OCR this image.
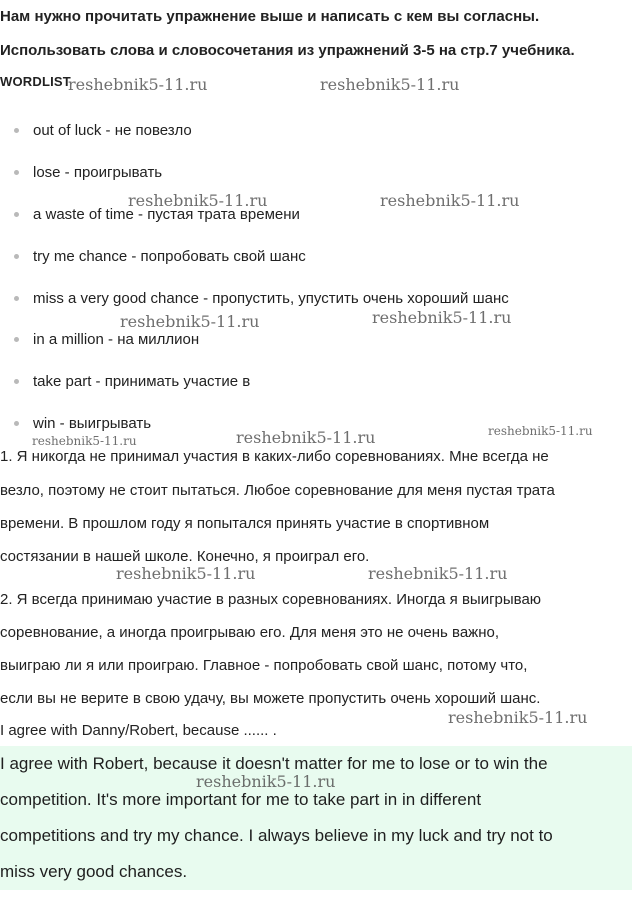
Нам нужно прочитать упражнение выше и написать с кем вы согласны.
Использовать слова и словосочетания из упражнений 3-5 на стр.7 учебника.
WORDLIST
out of luck - не повезло
lose - проигрывать
a waste of time - пустая трата времени
try me chance - попробовать свой шанс
miss a very good chance - пропустить, упустить очень хороший шанс
in a million - на миллион
take part - принимать участие в
win - выигрывать
1. Я никогда не принимал участия в каких-либо соревнованиях. Мне всегда не
везло, поэтому не стоит пытаться. Любое соревнование для меня пустая трата
времени. В прошлом году я попытался принять участие в спортивном
состязании в нашей школе. Конечно, я проиграл его.
2. Я всегда принимаю участие в разных соревнованиях. Иногда я выигрываю
соревнование, а иногда проигрываю его. Для меня это не очень важно,
выиграю ли я или проиграю. Главное - попробовать свой шанс, потому что,
если вы не верите в свою удачу, вы можете пропустить очень хороший шанс.
I agree with Danny/Robert, because ...... .
I agree with Robert, because it doesn't matter for me to lose or to win the
competition. It's more important for me to take part in in different
competitions and try my chance. I always believe in my luck and try not to
miss very good chances.
reshebnik5-11.ru	reshebnik5-11.ru
reshebnik5-11.ru	reshebnik5-11.ru
reshebnik5-11.ru	reshebnik5-11.ru
reshebnik5-11.ru	reshebnik5-11.ru	reshebnik5-11.ru
reshebnik5-11.ru	reshebnik5-11.ru
reshebnik5-11.ru
reshebnik5-11.ru
